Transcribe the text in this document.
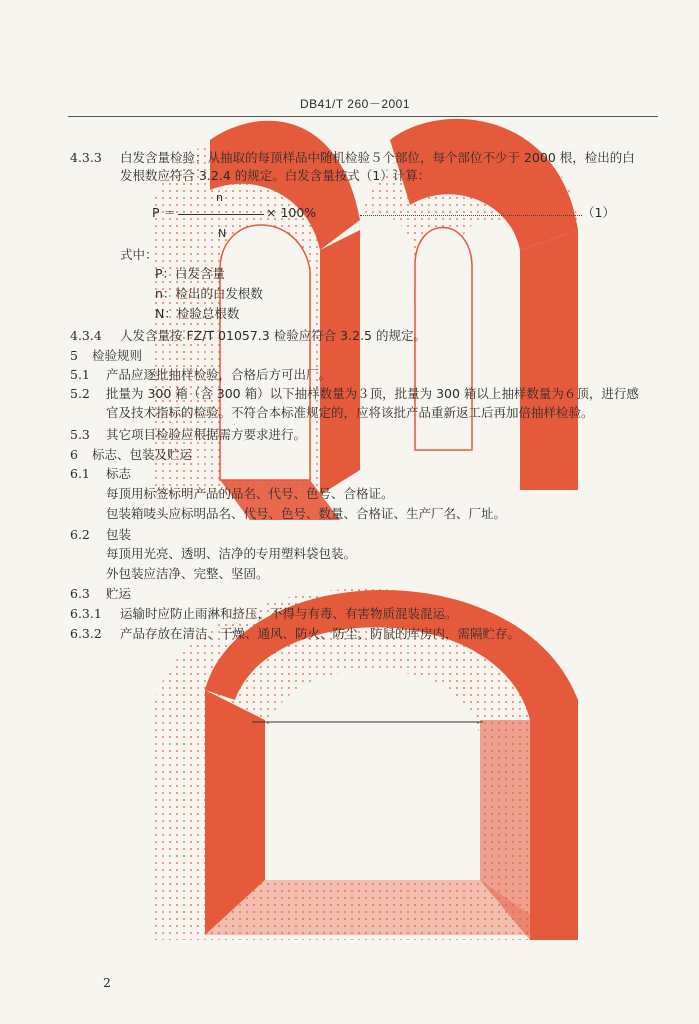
DB41/T 260－2001
4.3.3 白发含量检验：从抽取的每顶样品中随机检验５个部位，每个部位不少于 2000 根，检出的白
发根数应符合 3.2.4 的规定。白发含量按式（1）计算：
P ＝
n
N
× 100%	（1）
式中：
P：白发含量
n：检出的白发根数
N：检验总根数
4.3.4 人发含量按 FZ/T 01057.3 检验应符合 3.2.5 的规定。
5 检验规则
5.1 产品应逐批抽样检验，合格后方可出厂。
5.2 批量为 300 箱（含 300 箱）以下抽样数量为３顶，批量为 300 箱以上抽样数量为６顶，进行感
官及技术指标的检验。不符合本标准规定的，应将该批产品重新返工后再加倍抽样检验。
5.3 其它项目检验应根据需方要求进行。
6 标志、包装及贮运
6.1 标志
每顶用标签标明产品的品名、代号、色号、合格证。
包装箱唛头应标明品名、代号、色号、数量、合格证、生产厂名、厂址。
6.2 包装
每顶用光亮、透明、洁净的专用塑料袋包装。
外包装应洁净、完整、坚固。
6.3 贮运
6.3.1 运输时应防止雨淋和挤压，不得与有毒、有害物质混装混运。
6.3.2 产品存放在清洁、干燥、通风、防火、防尘、防鼠的库房内，需隔贮存。
2
